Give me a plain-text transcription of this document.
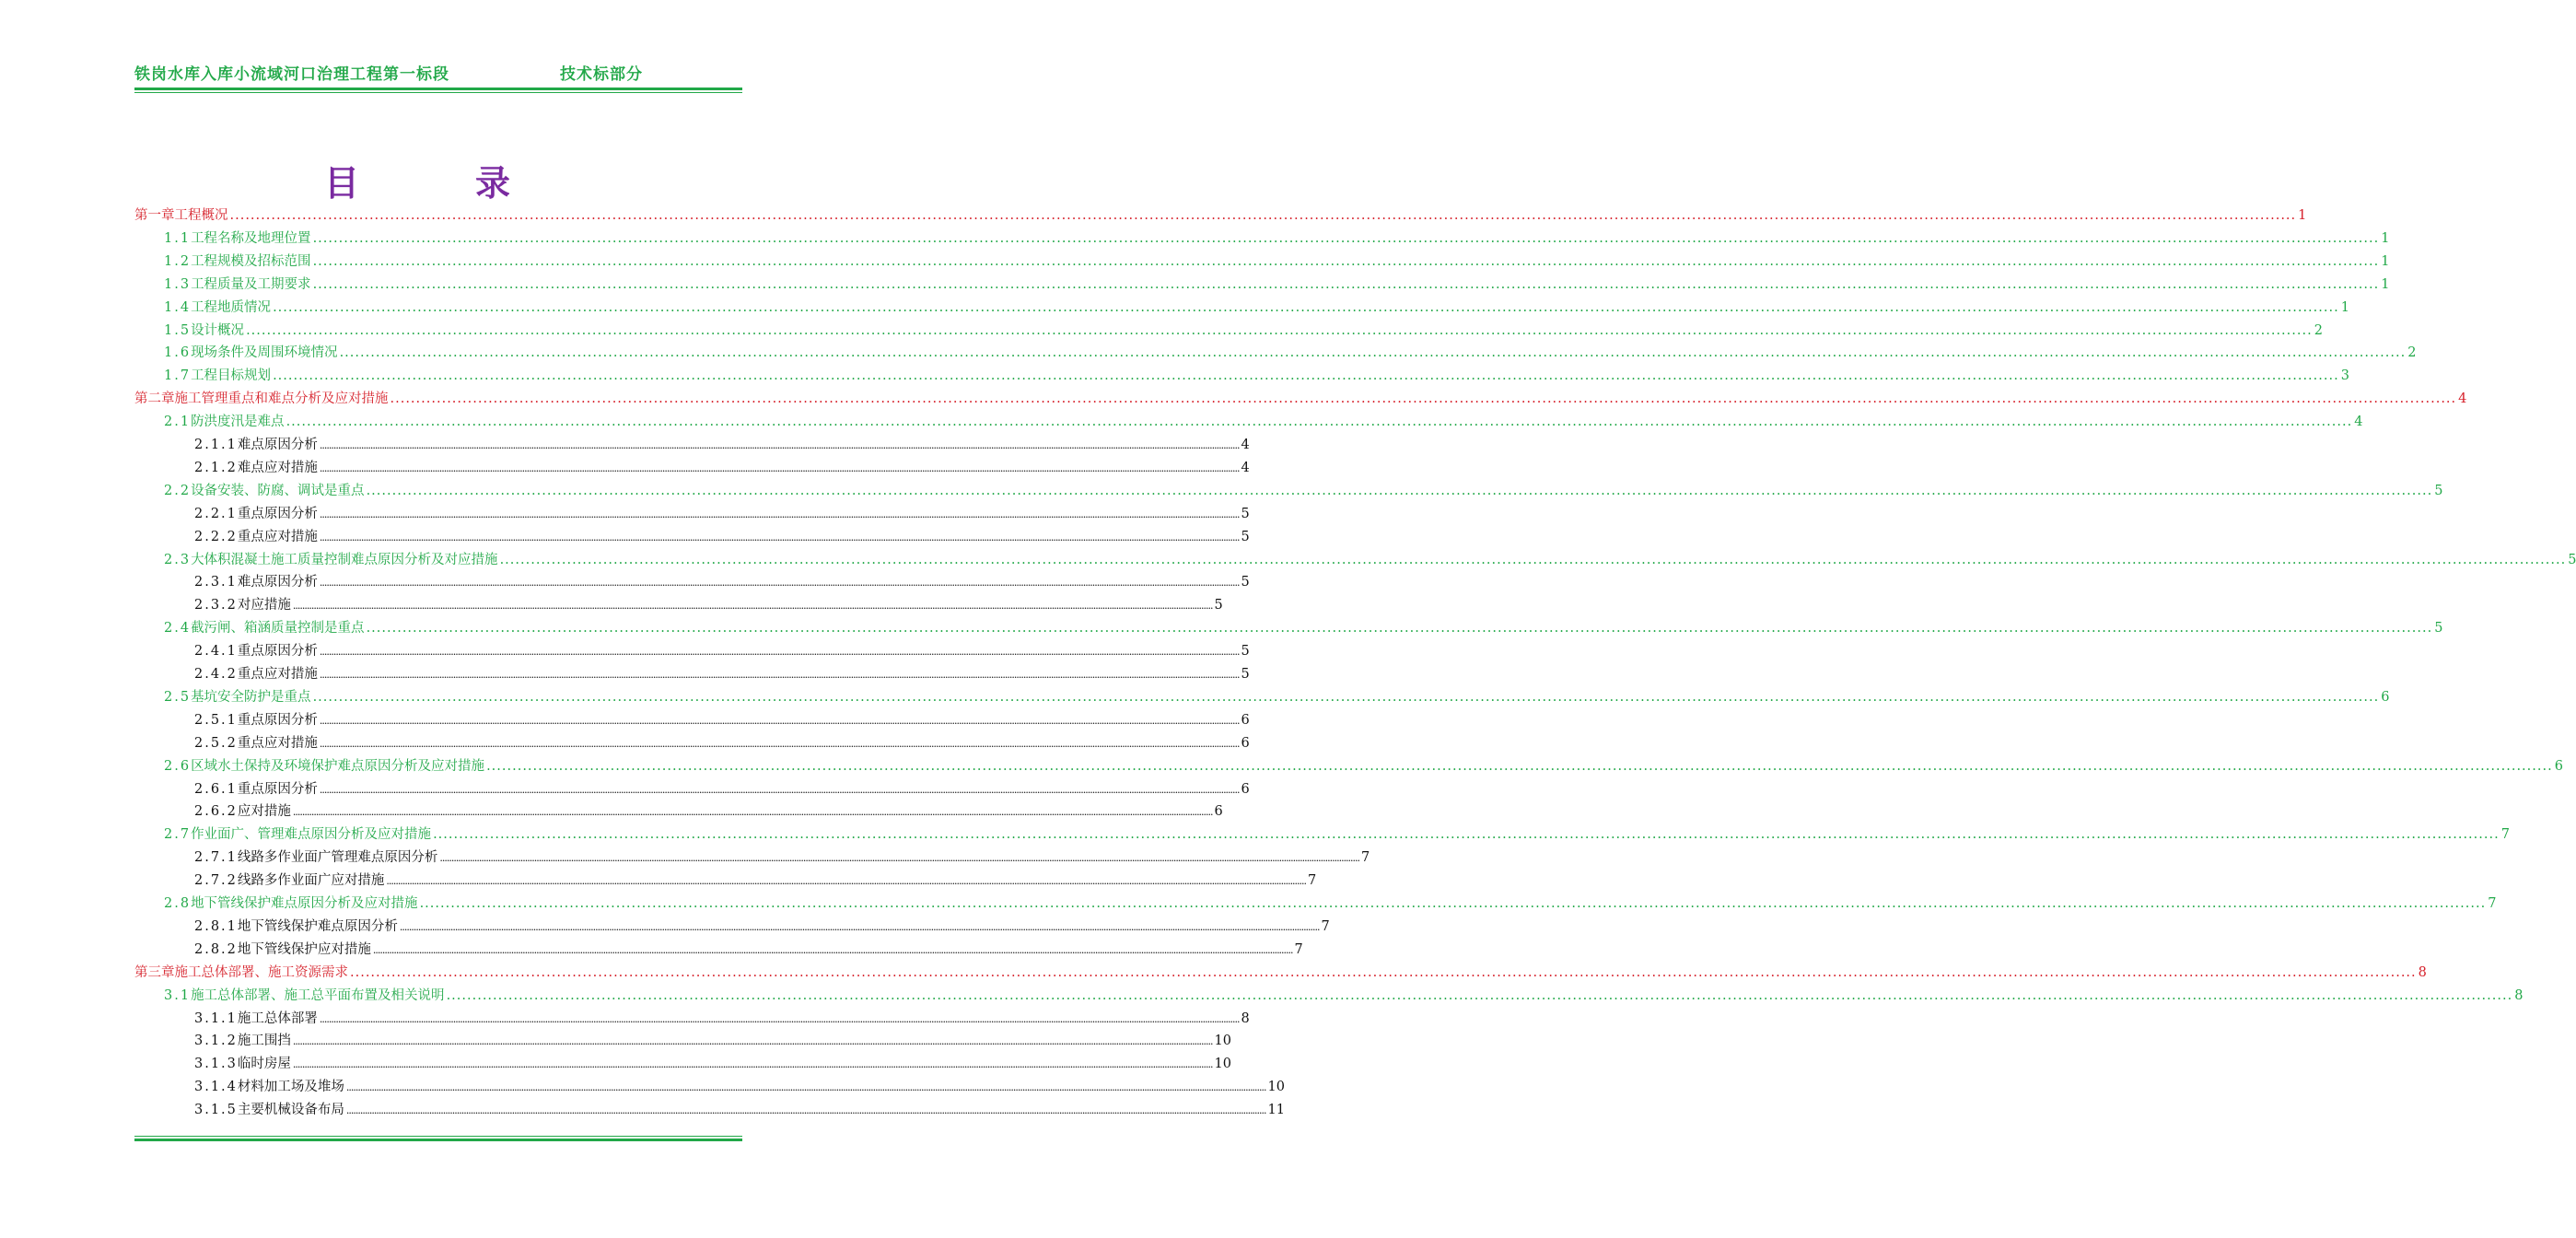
铁岗水库入库小流域河口治理工程第一标段	技术标部分
目　录
第一章 工程概况 ................................................................................................................................................................................................................................................................................................................................................................................................................ 1
1.1 工程名称及地理位置 ................................................................................................................................................................................................................................................................................................................................................................................................................ 1
1.2 工程规模及招标范围 ................................................................................................................................................................................................................................................................................................................................................................................................................ 1
1.3 工程质量及工期要求 ................................................................................................................................................................................................................................................................................................................................................................................................................ 1
1.4 工程地质情况 ................................................................................................................................................................................................................................................................................................................................................................................................................ 1
1.5 设计概况 ................................................................................................................................................................................................................................................................................................................................................................................................................ 2
1.6 现场条件及周围环境情况 ................................................................................................................................................................................................................................................................................................................................................................................................................ 2
1.7 工程目标规划 ................................................................................................................................................................................................................................................................................................................................................................................................................ 3
第二章 施工管理重点和难点分析及应对措施 ................................................................................................................................................................................................................................................................................................................................................................................................................ 4
2.1 防洪度汛是难点 ................................................................................................................................................................................................................................................................................................................................................................................................................ 4
2.1.1 难点原因分析 ................................................................................................................................................................................................................................................................................................................................................................................................................ 4
2.1.2 难点应对措施 ................................................................................................................................................................................................................................................................................................................................................................................................................ 4
2.2 设备安装、防腐、调试是重点 ................................................................................................................................................................................................................................................................................................................................................................................................................ 5
2.2.1 重点原因分析 ................................................................................................................................................................................................................................................................................................................................................................................................................ 5
2.2.2 重点应对措施 ................................................................................................................................................................................................................................................................................................................................................................................................................ 5
2.3 大体积混凝土施工质量控制难点原因分析及对应措施 ................................................................................................................................................................................................................................................................................................................................................................................................................ 5
2.3.1 难点原因分析 ................................................................................................................................................................................................................................................................................................................................................................................................................ 5
2.3.2 对应措施 ................................................................................................................................................................................................................................................................................................................................................................................................................ 5
2.4 截污闸、箱涵质量控制是重点 ................................................................................................................................................................................................................................................................................................................................................................................................................ 5
2.4.1 重点原因分析 ................................................................................................................................................................................................................................................................................................................................................................................................................ 5
2.4.2 重点应对措施 ................................................................................................................................................................................................................................................................................................................................................................................................................ 5
2.5 基坑安全防护是重点 ................................................................................................................................................................................................................................................................................................................................................................................................................ 6
2.5.1 重点原因分析 ................................................................................................................................................................................................................................................................................................................................................................................................................ 6
2.5.2 重点应对措施 ................................................................................................................................................................................................................................................................................................................................................................................................................ 6
2.6 区域水土保持及环境保护难点原因分析及应对措施 ................................................................................................................................................................................................................................................................................................................................................................................................................ 6
2.6.1 重点原因分析 ................................................................................................................................................................................................................................................................................................................................................................................................................ 6
2.6.2 应对措施 ................................................................................................................................................................................................................................................................................................................................................................................................................ 6
2.7 作业面广、管理难点原因分析及应对措施 ................................................................................................................................................................................................................................................................................................................................................................................................................ 7
2.7.1 线路多作业面广管理难点原因分析 ................................................................................................................................................................................................................................................................................................................................................................................................................ 7
2.7.2 线路多作业面广应对措施 ................................................................................................................................................................................................................................................................................................................................................................................................................ 7
2.8 地下管线保护难点原因分析及应对措施 ................................................................................................................................................................................................................................................................................................................................................................................................................ 7
2.8.1 地下管线保护难点原因分析 ................................................................................................................................................................................................................................................................................................................................................................................................................ 7
2.8.2 地下管线保护应对措施 ................................................................................................................................................................................................................................................................................................................................................................................................................ 7
第三章 施工总体部署、施工资源需求 ................................................................................................................................................................................................................................................................................................................................................................................................................ 8
3.1 施工总体部署、施工总平面布置及相关说明 ................................................................................................................................................................................................................................................................................................................................................................................................................ 8
3.1.1 施工总体部署 ................................................................................................................................................................................................................................................................................................................................................................................................................ 8
3.1.2 施工围挡 ................................................................................................................................................................................................................................................................................................................................................................................................................ 10
3.1.3 临时房屋 ................................................................................................................................................................................................................................................................................................................................................................................................................ 10
3.1.4 材料加工场及堆场 ................................................................................................................................................................................................................................................................................................................................................................................................................ 10
3.1.5 主要机械设备布局 ................................................................................................................................................................................................................................................................................................................................................................................................................ 11
